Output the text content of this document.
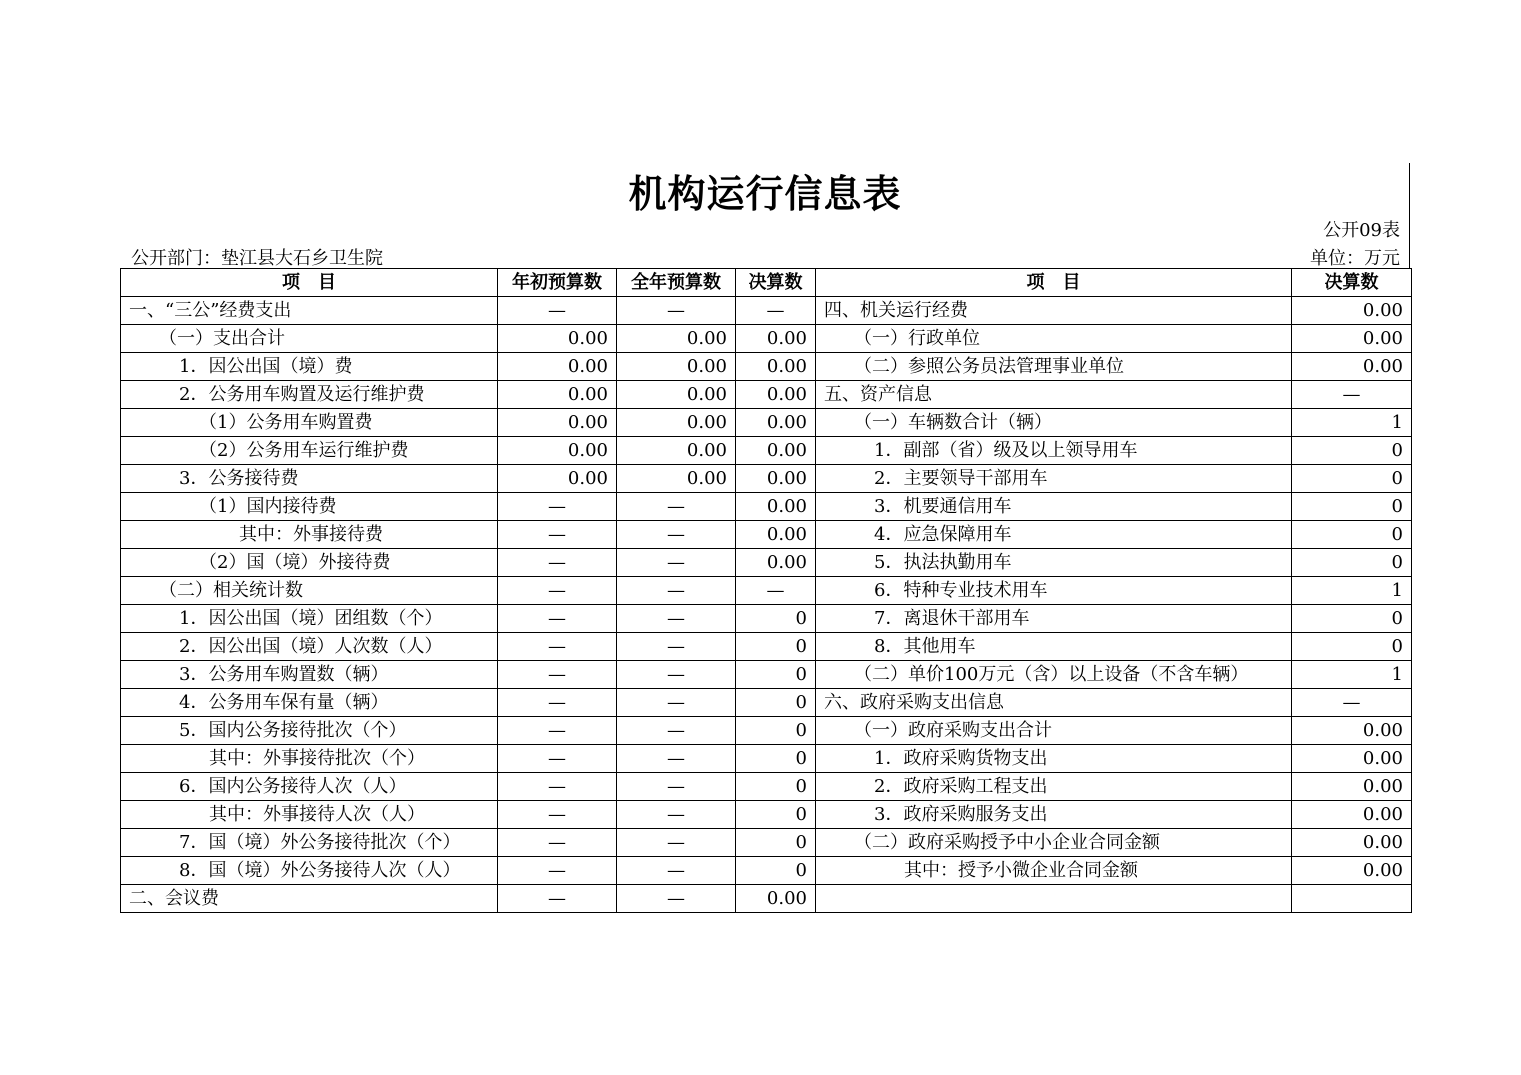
机构运行信息表
公开09表
公开部门：垫江县大石乡卫生院	单位：万元
项　目	年初预算数	全年预算数	决算数	项　目	决算数
一、“三公”经费支出	—	—	—	四、机关运行经费	0.00
（一）支出合计	0.00	0.00	0.00	（一）行政单位	0.00
1．因公出国（境）费	0.00	0.00	0.00	（二）参照公务员法管理事业单位	0.00
2．公务用车购置及运行维护费	0.00	0.00	0.00	五、资产信息	—
（1）公务用车购置费	0.00	0.00	0.00	（一）车辆数合计（辆）	1
（2）公务用车运行维护费	0.00	0.00	0.00	1．副部（省）级及以上领导用车	0
3．公务接待费	0.00	0.00	0.00	2．主要领导干部用车	0
（1）国内接待费	—	—	0.00	3．机要通信用车	0
其中：外事接待费	—	—	0.00	4．应急保障用车	0
（2）国（境）外接待费	—	—	0.00	5．执法执勤用车	0
（二）相关统计数	—	—	—	6．特种专业技术用车	1
1．因公出国（境）团组数（个）	—	—	0	7．离退休干部用车	0
2．因公出国（境）人次数（人）	—	—	0	8．其他用车	0
3．公务用车购置数（辆）	—	—	0	（二）单价100万元（含）以上设备（不含车辆）	1
4．公务用车保有量（辆）	—	—	0	六、政府采购支出信息	—
5．国内公务接待批次（个）	—	—	0	（一）政府采购支出合计	0.00
其中：外事接待批次（个）	—	—	0	1．政府采购货物支出	0.00
6．国内公务接待人次（人）	—	—	0	2．政府采购工程支出	0.00
其中：外事接待人次（人）	—	—	0	3．政府采购服务支出	0.00
7．国（境）外公务接待批次（个）	—	—	0	（二）政府采购授予中小企业合同金额	0.00
8．国（境）外公务接待人次（人）	—	—	0	其中：授予小微企业合同金额	0.00
二、会议费	—	—	0.00		
